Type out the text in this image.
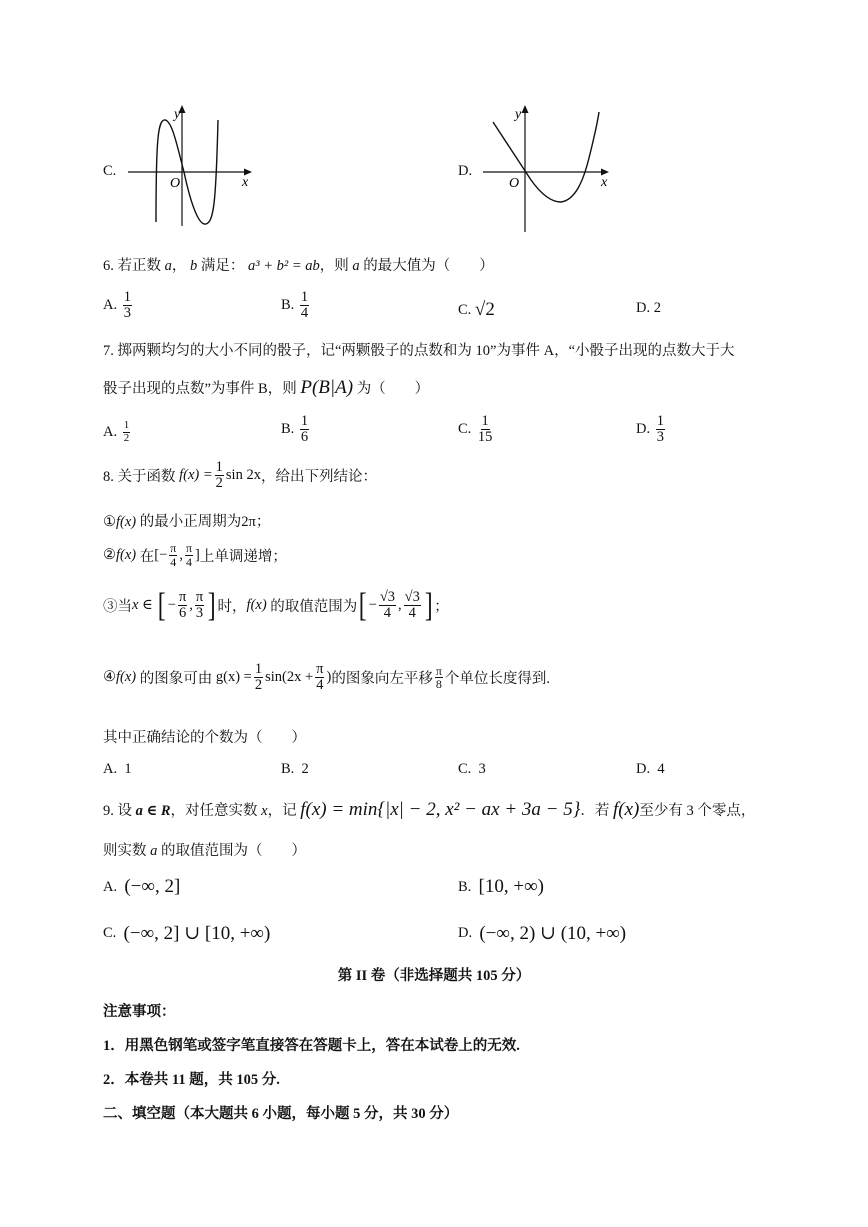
C.
y
x
O
D.
y
x
O
6. 若正数 a， b 满足： a³ + b² = ab，则 a 的最大值为（　　）
A.
$\frac{1}{3}$	B.
$\frac{1}{4}$	C.
√2	D.
2
7. 掷两颗均匀的大小不同的骰子，记“两颗骰子的点数和为 10”为事件 A，“小骰子出现的点数大于大
骰子出现的点数”为事件 B，则 P(B|A) 为（　　）
A.
$\frac{1}{2}$	B.
$\frac{1}{6}$	C.
$\frac{1}{15}$	D.
$\frac{1}{3}$
8. 关于函数
$f(x) = \frac{1}{2}$ sin 2x ，给出下列结论：
①f(x) 的最小正周期为2π；
② f(x)
在 [− $\frac{\pi}{4}$ , $\frac{\pi}{4}$ ] 上单调递增；
③当 x ∈
[ − $\frac{\pi}{6}$ , $\frac{\pi}{3}$ ] 时， f(x)
的取值范围为 [ − $\frac{√3}{4}$ , $\frac{√3}{4}$ ] ；
④ f(x)
的图象可由
$g(x) = \frac{1}{2} \sin(2x + \frac{\pi}{4}$ ) 的图象向左平移 $\frac{\pi}{8}$ 个单位长度得到.
其中正确结论的个数为（　　）
A.
1	B.
2	C.
3	D.
4
9. 设 a ∈ R，对任意实数 x，记 f(x) = min{|x| − 2, x² − ax + 3a − 5}．若 f(x)至少有 3 个零点，
则实数 a 的取值范围为（　　）
A.
(−∞, 2]	B.
[10, +∞)
C.
(−∞, 2] ∪ [10, +∞)	D.
(−∞, 2) ∪ (10, +∞)
第 II 卷（非选择题共 105 分）
注意事项：
1．用黑色钢笔或签字笔直接答在答题卡上，答在本试卷上的无效.
2．本卷共 11 题，共 105 分.
二、填空题（本大题共 6 小题，每小题 5 分，共 30 分）
